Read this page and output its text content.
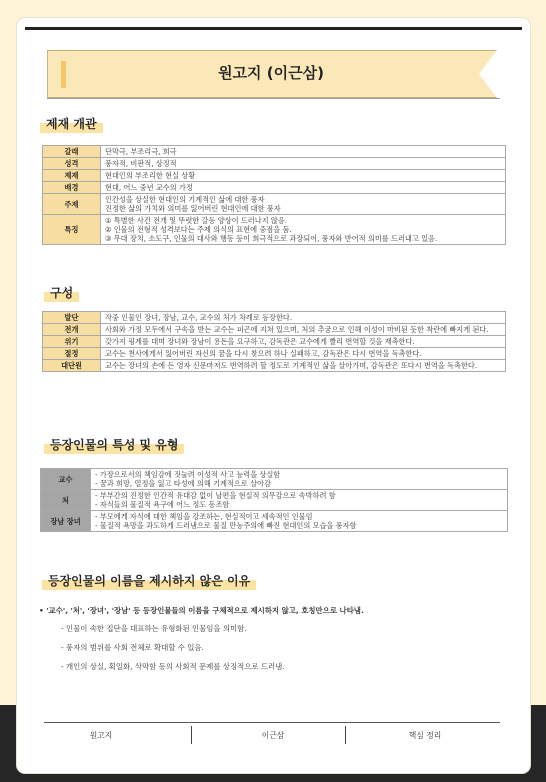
원고지 (이근삼)
제재 개관
갈래	단막극, 부조리극, 희극
성격	풍자적, 비판적, 상징적
제재	현대인의 부조리한 현실 상황
배경	현대, 어느 중년 교수의 가정
주제	인간성을 상실한 현대인의 기계적인 삶에 대한 풍자
진정한 삶의 가치와 의미를 잃어버린 현대인에 대한 풍자
특징	① 특별한 사건 전개 및 뚜렷한 갈등 양상이 드러나지 않음.
② 인물의 전형적 성격보다는 주제 의식의 표현에 중점을 둠.
③ 무대 장치, 소도구, 인물의 대사와 행동 등이 희극적으로 과장되어, 풍자와 반어적 의미를 드러내고 있음.
구성
발단	작중 인물인 장녀, 장남, 교수, 교수의 처가 차례로 등장한다.
전개	사회와 가정 모두에서 구속을 받는 교수는 피곤에 지쳐 있으며, 처의 추궁으로 인해 이성이 마비된 듯한 착란에 빠지게 된다.
위기	갖가지 핑계를 대며 장녀와 장남이 용돈을 요구하고, 감독관은 교수에게 빨리 번역할 것을 재촉한다.
절정	교수는 천사에게서 잃어버린 자신의 꿈을 다시 찾으려 하나 실패하고, 감독관은 다시 번역을 독촉한다.
대단원	교수는 장녀의 손에 든 영자 신문마저도 번역하려 할 정도로 기계적인 삶을 살아가며, 감독관은 또다시 번역을 독촉한다.
등장인물의 특성 및 유형
교수	- 가장으로서의 책임감에 짓눌려 이성적 사고 능력을 상실함
- 꿈과 희망, 열정을 잃고 타성에 의해 기계적으로 살아감
처	- 부부간의 진정한 인간적 유대감 없이 남편을 현실적 의무감으로 속박하려 함
- 자식들의 물질적 욕구에 어느 정도 동조함
장남 장녀	- 부모에게 자식에 대한 책임을 강조하는, 현실적이고 세속적인 인물임
- 물질적 욕망을 과도하게 드러냄으로 물질 만능주의에 빠진 현대인의 모습을 풍자함
등장인물의 이름을 제시하지 않은 이유
• '교수', '처', '장녀', '장남' 등 등장인물들의 이름을 구체적으로 제시하지 않고, 호칭만으로 나타냄.
- 인물이 속한 집단을 대표하는 유형화된 인물임을 의미함.
- 풍자의 범위를 사회 전체로 확대할 수 있음.
- 개인의 상실, 획일화, 삭막함 등의 사회적 문제를 상징적으로 드러냄.
원고지	이근삼	핵심 정리
